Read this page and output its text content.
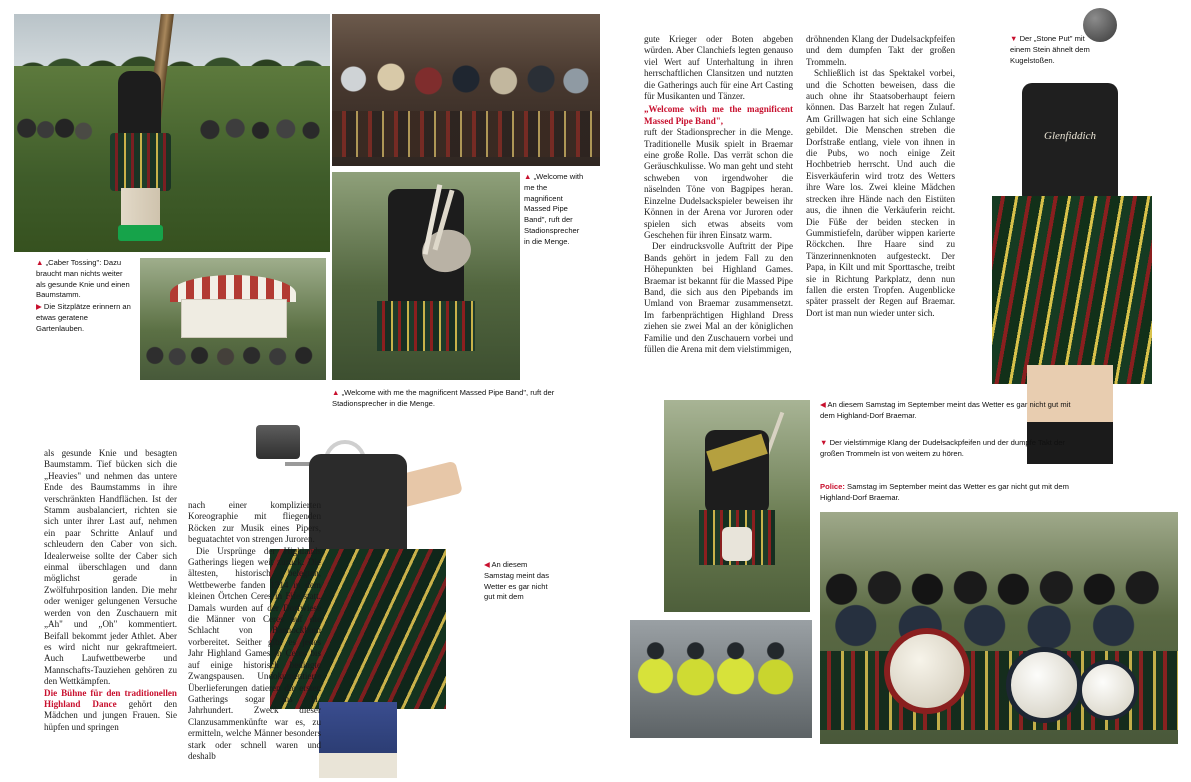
▲ „Caber Tossing": Dazu braucht man nichts weiter als gesunde Knie und einen Baumstamm.
▶ Die Sitzplätze erinnern an etwas geratene Gartenlauben.
▲ „Welcome with me the magnificent Massed Pipe Band", ruft der Stadionsprecher in die Menge.
▲ „Welcome with me the magnificent Massed Pipe Band", ruft der Stadionsprecher in die Menge.
◀ An diesem Samstag meint das Wetter es gar nicht gut mit dem

als gesunde Knie und besagten Baumstamm. Tief bücken sich die „Heavies" und nehmen das untere Ende des Baumstamms in ihre verschränkten Handflächen. Ist der Stamm ausbalanciert, richten sie sich unter ihrer Last auf, nehmen ein paar Schritte Anlauf und schleudern den Caber von sich. Idealerweise sollte der Caber sich einmal überschlagen und dann möglichst gerade in Zwölfuhrposition landen. Die mehr oder weniger gelungenen Versuche werden von den Zuschauern mit „Ah" und „Oh" kommentiert. Beifall bekommt jeder Athlet. Aber es wird nicht nur gekraftmeiert. Auch Laufwettbewerbe und Mannschafts-Tauziehen gehören zu den Wettkämpfen.

Die Bühne für den traditionellen Highland Dance gehört den Mädchen und jungen Frauen. Sie hüpfen und springen

nach einer komplizierten Koreographie mit fliegenden Röcken zur Musik eines Pipers, beguatachtet von strengen Juroren.

Die Ursprünge der Highlands Gatherings liegen weit zurück. Die ältesten, historisch belegten, Wettbewerbe fanden 1314 in dem kleinen Örtchen Ceres in Fife statt. Damals wurden auf der Dorfwiese die Männer von Ceres auf die Schlacht von Bannockburn vorbereitet. Seither gibt es jedes Jahr Highland Games in Ceres bis auf einige historisch bedingte Zwangspausen. Undokumentierte Überlieferungen datieren die ersten Gatherings sogar ins 11. Jahrhundert. Zweck dieser Clanzusammenkünfte war es, zu ermitteln, welche Männer besonders stark oder schnell waren und deshalb

gute Krieger oder Boten abgeben würden. Aber Clanchiefs legten genauso viel Wert auf Unterhaltung in ihren herrschaftlichen Clansitzen und nutzten die Gatherings auch für eine Art Casting für Musikanten und Tänzer.

„Welcome with me the magnificent Massed Pipe Band",

ruft der Stadionsprecher in die Menge. Traditionelle Musik spielt in Braemar eine große Rolle. Das verrät schon die Geräuschkulisse. Wo man geht und steht schweben von irgendwoher die näselnden Töne von Bagpipes heran. Einzelne Dudelsackspieler beweisen ihr Können in der Arena vor Juroren oder spielen sich etwas abseits vom Geschehen für ihren Einsatz warm.

Der eindrucksvolle Auftritt der Pipe Bands gehört in jedem Fall zu den Höhepunkten bei Highland Games. Braemar ist bekannt für die Massed Pipe Band, die sich aus den Pipebands im Umland von Braemar zusammensetzt. Im farbenprächtigen Highland Dress ziehen sie zwei Mal an der königlichen Familie und den Zuschauern vorbei und füllen die Arena mit dem vielstimmigen,

dröhnenden Klang der Dudelsackpfeifen und dem dumpfen Takt der großen Trommeln.

Schließlich ist das Spektakel vorbei, und die Schotten beweisen, dass die auch ohne ihr Staatsoberhaupt feiern können. Das Barzelt hat regen Zulauf. Am Grillwagen hat sich eine Schlange gebildet. Die Menschen streben die Dorfstraße entlang, viele von ihnen in die Pubs, wo noch einige Zeit Hochbetrieb herrscht. Und auch die Eisverkäuferin wird trotz des Wetters ihre Ware los. Zwei kleine Mädchen strecken ihre Hände nach den Eistüten aus, die ihnen die Verkäuferin reicht. Die Füße der beiden stecken in Gummistiefeln, darüber wippen karierte Röckchen. Ihre Haare sind zu Tänzerinnenknoten aufgesteckt. Der Papa, in Kilt und mit Sporttasche, treibt sie in Richtung Parkplatz, denn nun fallen die ersten Tropfen. Augenblicke später prasselt der Regen auf Braemar. Dort ist man nun wieder unter sich.

Glenfiddich
▼ Der „Stone Put" mit einem Stein ähnelt dem Kugelstoßen.
◀ An diesem Samstag im September meint das Wetter es gar nicht gut mit dem Highland-Dorf Braemar.
▼ Der vielstimmige Klang der Dudelsackpfeifen und der dumpfe Takt der großen Trommeln ist von weitem zu hören.
Police: Samstag im September meint das Wetter es gar nicht gut mit dem Highland-Dorf Braemar.
